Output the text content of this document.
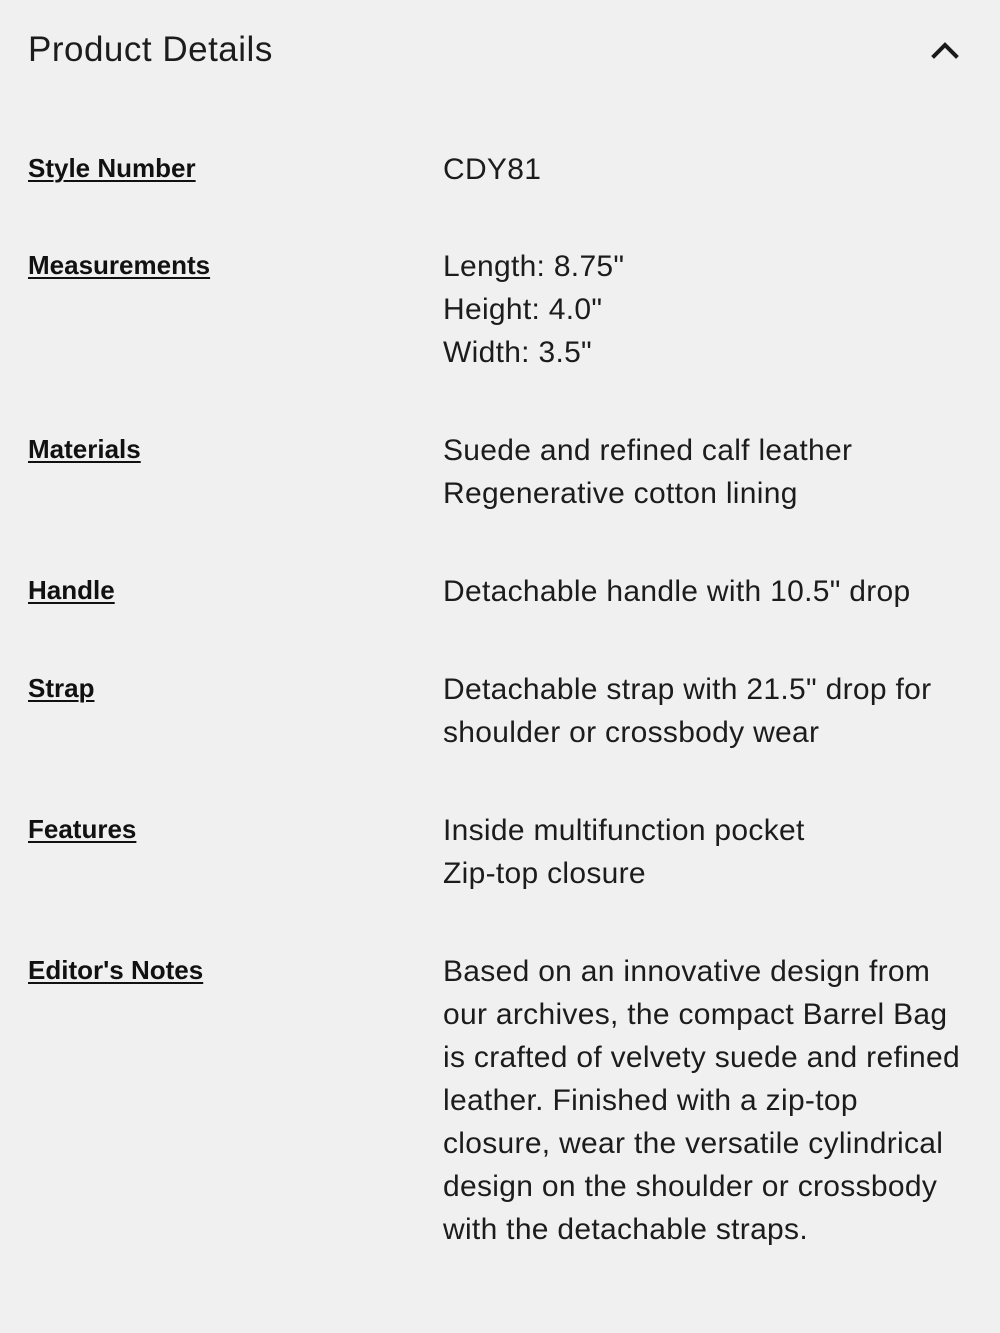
Product Details
Style Number	CDY81
Measurements	Length: 8.75"
Height: 4.0"
Width: 3.5"
Materials	Suede and refined calf leather
Regenerative cotton lining
Handle	Detachable handle with 10.5" drop
Strap	Detachable strap with 21.5" drop for shoulder or crossbody wear
Features	Inside multifunction pocket
Zip-top closure
Editor's Notes	Based on an innovative design from our archives, the compact Barrel Bag is crafted of velvety suede and refined leather. Finished with a zip-top closure, wear the versatile cylindrical design on the shoulder or crossbody with the detachable straps.
